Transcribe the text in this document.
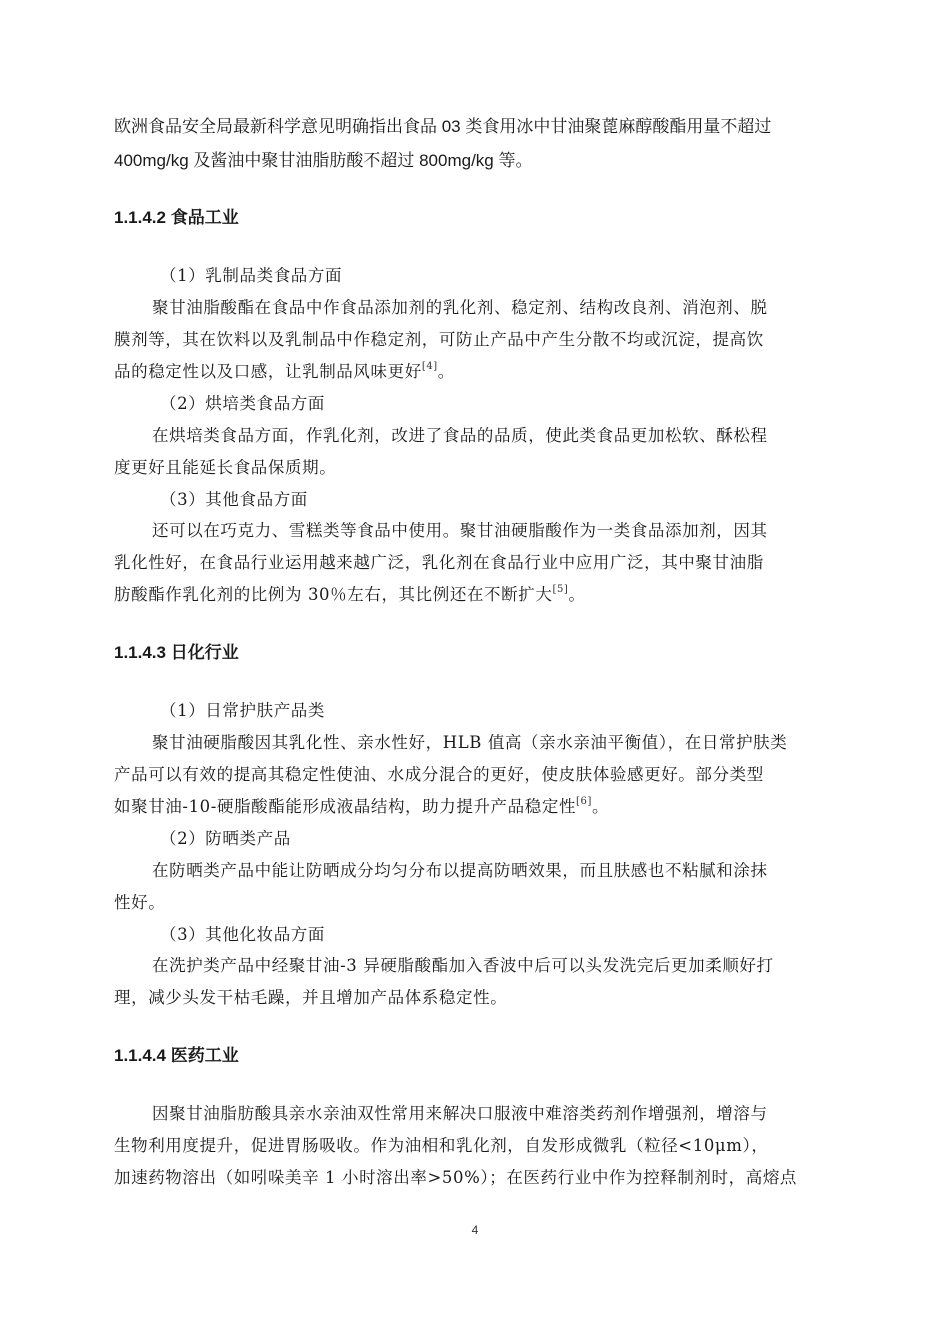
欧洲食品安全局最新科学意见明确指出食品 03 类食用冰中甘油聚蓖麻醇酸酯用量不超过
400mg/kg 及酱油中聚甘油脂肪酸不超过 800mg/kg 等。
1.1.4.2 食品工业
（1）乳制品类食品方面
聚甘油脂酸酯在食品中作食品添加剂的乳化剂、稳定剂、结构改良剂、消泡剂、脱
膜剂等，其在饮料以及乳制品中作稳定剂，可防止产品中产生分散不均或沉淀，提高饮
品的稳定性以及口感，让乳制品风味更好[4]。
（2）烘培类食品方面
在烘培类食品方面，作乳化剂，改进了食品的品质，使此类食品更加松软、酥松程
度更好且能延长食品保质期。
（3）其他食品方面
还可以在巧克力、雪糕类等食品中使用。聚甘油硬脂酸作为一类食品添加剂，因其
乳化性好，在食品行业运用越来越广泛，乳化剂在食品行业中应用广泛，其中聚甘油脂
肪酸酯作乳化剂的比例为 30％左右，其比例还在不断扩大[5]。
1.1.4.3 日化行业
（1）日常护肤产品类
聚甘油硬脂酸因其乳化性、亲水性好，HLB 值高（亲水亲油平衡值），在日常护肤类
产品可以有效的提高其稳定性使油、水成分混合的更好，使皮肤体验感更好。部分类型
如聚甘油-10-硬脂酸酯能形成液晶结构，助力提升产品稳定性[6]。
（2）防晒类产品
在防晒类产品中能让防晒成分均匀分布以提高防晒效果，而且肤感也不粘腻和涂抹
性好。
（3）其他化妆品方面
在洗护类产品中经聚甘油-3 异硬脂酸酯加入香波中后可以头发洗完后更加柔顺好打
理，减少头发干枯毛躁，并且增加产品体系稳定性。
1.1.4.4 医药工业
因聚甘油脂肪酸具亲水亲油双性常用来解决口服液中难溶类药剂作增强剂，增溶与
生物利用度提升，促进胃肠吸收。作为油相和乳化剂，自发形成微乳（粒径<10μm），
加速药物溶出（如吲哚美辛 1 小时溶出率>50%）；在医药行业中作为控释制剂时，高熔点
4
